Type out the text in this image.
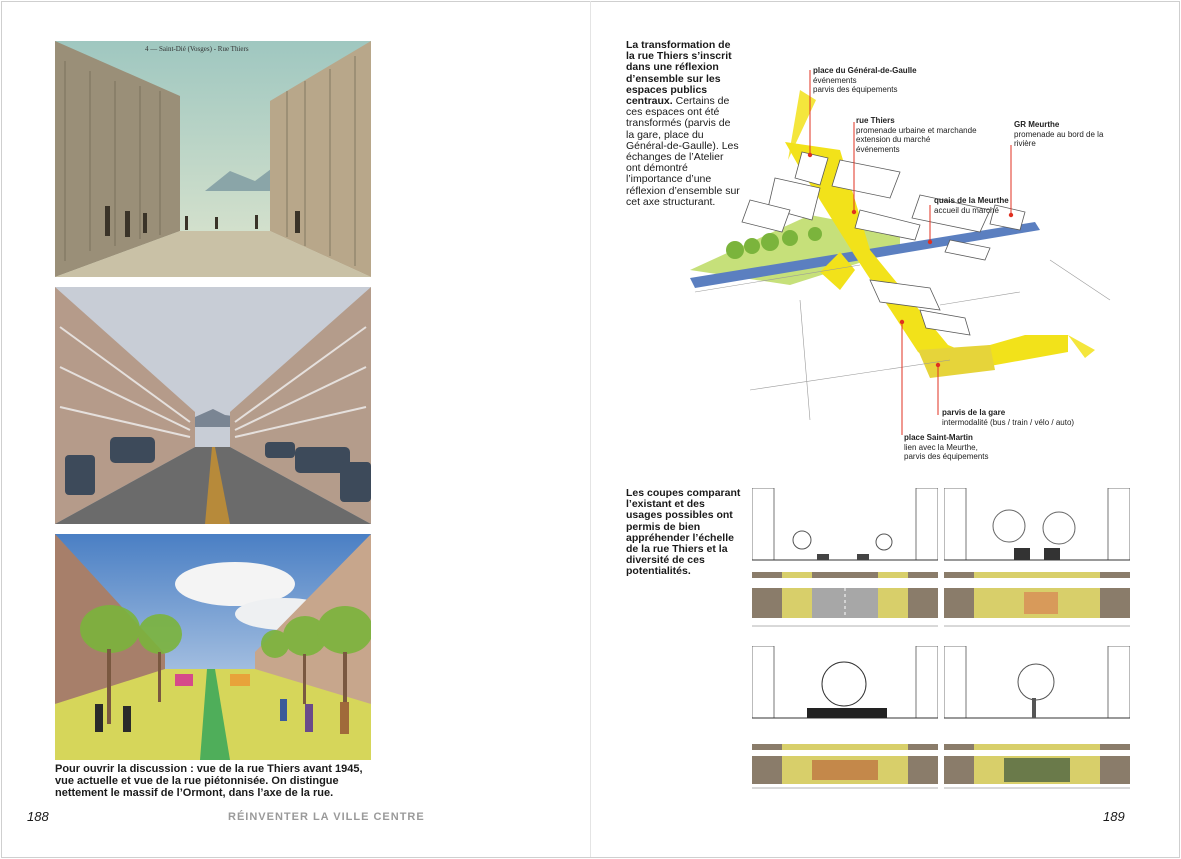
4 — Saint-Dié (Vosges) - Rue Thiers
Pour ouvrir la discussion : vue de la rue Thiers avant 1945, vue actuelle et vue de la rue piétonnisée. On distingue nettement le massif de l’Ormont, dans l’axe de la rue.
188	RÉINVENTER LA VILLE CENTRE
La transformation de la rue Thiers s’inscrit dans une réflexion d’ensemble sur les espaces publics centraux. Certains de ces espaces ont été transformés (parvis de la gare, place du Général-de-Gaulle). Les échanges de l’Atelier ont démontré l’importance d’une réflexion d’ensemble sur cet axe structurant.
place du Général-de-Gaulle
événements
parvis des équipements
rue Thiers
promenade urbaine et marchande
extension du marché
événements
GR Meurthe
promenade au bord de la
rivière
quais de la Meurthe
accueil du marché
parvis de la gare
intermodalité (bus / train / vélo / auto)
place Saint-Martin
lien avec la Meurthe,
parvis des équipements
Les coupes comparant l’existant et des usages possibles ont permis de bien appréhender l’échelle de la rue Thiers et la diversité de ces potentialités.
189
